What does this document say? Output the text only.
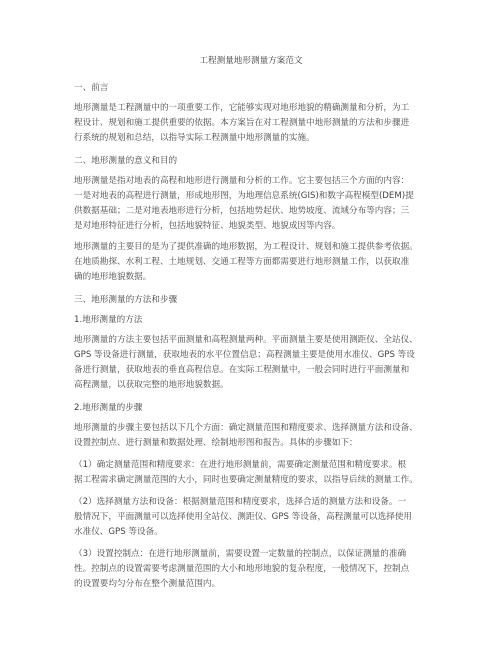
工程测量地形测量方案范文
一、前言
地形测量是工程测量中的一项重要工作，它能够实现对地形地貌的精确测量和分析，为工
程设计、规划和施工提供重要的依据。本方案旨在对工程测量中地形测量的方法和步骤进
行系统的规划和总结，以指导实际工程测量中地形测量的实施。
二、地形测量的意义和目的
地形测量是指对地表的高程和地形进行测量和分析的工作。它主要包括三个方面的内容：
一是对地表的高程进行测量，形成地形图，为地理信息系统(GIS)和数字高程模型(DEM)提
供数据基础；二是对地表地形进行分析，包括地势起伏、地势坡度、流域分布等内容；三
是对地形特征进行分析，包括地貌特征、地貌类型、地貌成因等内容。
地形测量的主要目的是为了提供准确的地形数据，为工程设计、规划和施工提供参考依据。
在地质勘探、水利工程、土地规划、交通工程等方面都需要进行地形测量工作，以获取准
确的地形地貌数据。
三、地形测量的方法和步骤
1.地形测量的方法
地形测量的方法主要包括平面测量和高程测量两种。平面测量主要是使用测距仪、全站仪、
GPS 等设备进行测量，获取地表的水平位置信息；高程测量主要是使用水准仪、GPS 等设
备进行测量，获取地表的垂直高程信息。在实际工程测量中，一般会同时进行平面测量和
高程测量，以获取完整的地形地貌数据。
2.地形测量的步骤
地形测量的步骤主要包括以下几个方面：确定测量范围和精度要求、选择测量方法和设备、
设置控制点、进行测量和数据处理、绘制地形图和报告。具体的步骤如下：
（1）确定测量范围和精度要求：在进行地形测量前，需要确定测量范围和精度要求。根
据工程需求确定测量范围的大小，同时也要确定测量精度的要求，以指导后续的测量工作。
（2）选择测量方法和设备：根据测量范围和精度要求，选择合适的测量方法和设备。一
般情况下，平面测量可以选择使用全站仪、测距仪、GPS 等设备，高程测量可以选择使用
水准仪、GPS 等设备。
（3）设置控制点：在进行地形测量前，需要设置一定数量的控制点，以保证测量的准确
性。控制点的设置需要考虑测量范围的大小和地形地貌的复杂程度，一般情况下，控制点
的设置要均匀分布在整个测量范围内。
